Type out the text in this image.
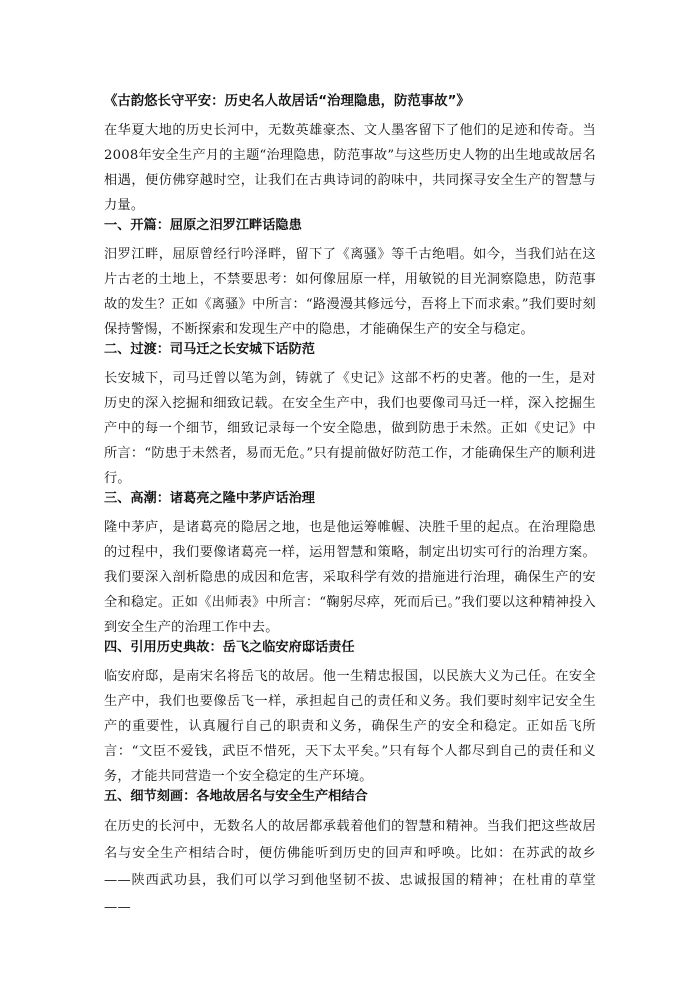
《古韵悠长守平安：历史名人故居话“治理隐患，防范事故”》

在华夏大地的历史长河中，无数英雄豪杰、文人墨客留下了他们的足迹和传奇。当2008年安全生产月的主题“治理隐患，防范事故”与这些历史人物的出生地或故居名相遇，便仿佛穿越时空，让我们在古典诗词的韵味中，共同探寻安全生产的智慧与力量。

一、开篇：屈原之汨罗江畔话隐患

汨罗江畔，屈原曾经行吟泽畔，留下了《离骚》等千古绝唱。如今，当我们站在这片古老的土地上，不禁要思考：如何像屈原一样，用敏锐的目光洞察隐患，防范事故的发生？正如《离骚》中所言：“路漫漫其修远兮，吾将上下而求索。”我们要时刻保持警惕，不断探索和发现生产中的隐患，才能确保生产的安全与稳定。

二、过渡：司马迁之长安城下话防范

长安城下，司马迁曾以笔为剑，铸就了《史记》这部不朽的史著。他的一生，是对历史的深入挖掘和细致记载。在安全生产中，我们也要像司马迁一样，深入挖掘生产中的每一个细节，细致记录每一个安全隐患，做到防患于未然。正如《史记》中所言：“防患于未然者，易而无危。”只有提前做好防范工作，才能确保生产的顺利进行。

三、高潮：诸葛亮之隆中茅庐话治理

隆中茅庐，是诸葛亮的隐居之地，也是他运筹帷幄、决胜千里的起点。在治理隐患的过程中，我们要像诸葛亮一样，运用智慧和策略，制定出切实可行的治理方案。我们要深入剖析隐患的成因和危害，采取科学有效的措施进行治理，确保生产的安全和稳定。正如《出师表》中所言：“鞠躬尽瘁，死而后已。”我们要以这种精神投入到安全生产的治理工作中去。

四、引用历史典故：岳飞之临安府邸话责任

临安府邸，是南宋名将岳飞的故居。他一生精忠报国，以民族大义为己任。在安全生产中，我们也要像岳飞一样，承担起自己的责任和义务。我们要时刻牢记安全生产的重要性，认真履行自己的职责和义务，确保生产的安全和稳定。正如岳飞所言：“文臣不爱钱，武臣不惜死，天下太平矣。”只有每个人都尽到自己的责任和义务，才能共同营造一个安全稳定的生产环境。

五、细节刻画：各地故居名与安全生产相结合

在历史的长河中，无数名人的故居都承载着他们的智慧和精神。当我们把这些故居名与安全生产相结合时，便仿佛能听到历史的回声和呼唤。比如：在苏武的故乡——陕西武功县，我们可以学习到他坚韧不拔、忠诚报国的精神；在杜甫的草堂——
